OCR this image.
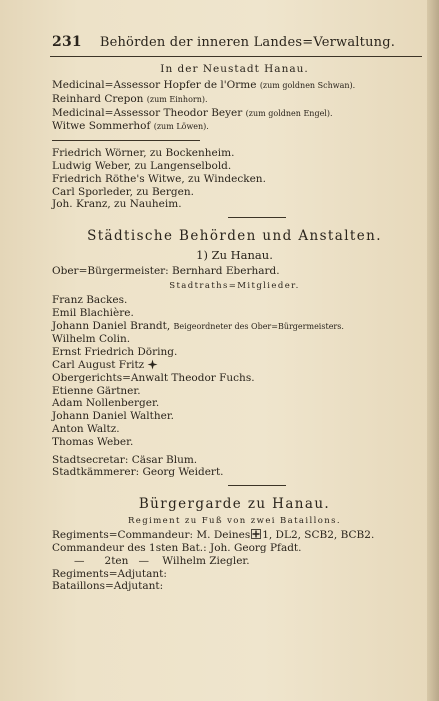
231 Behörden der inneren Landes=Verwaltung.
In der Neustadt Hanau.
Medicinal=Assessor Hopfer de l'Orme (zum goldnen Schwan).
Reinhard Crepon (zum Einhorn).
Medicinal=Assessor Theodor Beyer (zum goldnen Engel).
Witwe Sommerhof (zum Löwen).
Friedrich Wörner, zu Bockenheim.
Ludwig Weber, zu Langenselbold.
Friedrich Röthe's Witwe, zu Windecken.
Carl Sporleder, zu Bergen.
Joh. Kranz, zu Nauheim.
Städtische Behörden und Anstalten.
1) Zu Hanau.
Ober=Bürgermeister: Bernhard Eberhard.
Stadtraths=Mitglieder.
Franz Backes.
Emil Blachière.
Johann Daniel Brandt, Beigeordneter des Ober=Bürgermeisters.
Wilhelm Colin.
Ernst Friedrich Döring.
Carl August Fritz
Obergerichts=Anwalt Theodor Fuchs.
Etienne Gärtner.
Adam Nollenberger.
Johann Daniel Walther.
Anton Waltz.
Thomas Weber.
Stadtsecretar: Cäsar Blum.
Stadtkämmerer: Georg Weidert.
Bürgergarde zu Hanau.
Regiment zu Fuß von zwei Bataillons.
Regiments=Commandeur: M. Deines 1, DL2, SCB2, BCB2.
Commandeur des 1sten Bat.: Joh. Georg Pfadt.
— 2ten — Wilhelm Ziegler.
Regiments=Adjutant:
Bataillons=Adjutant:
